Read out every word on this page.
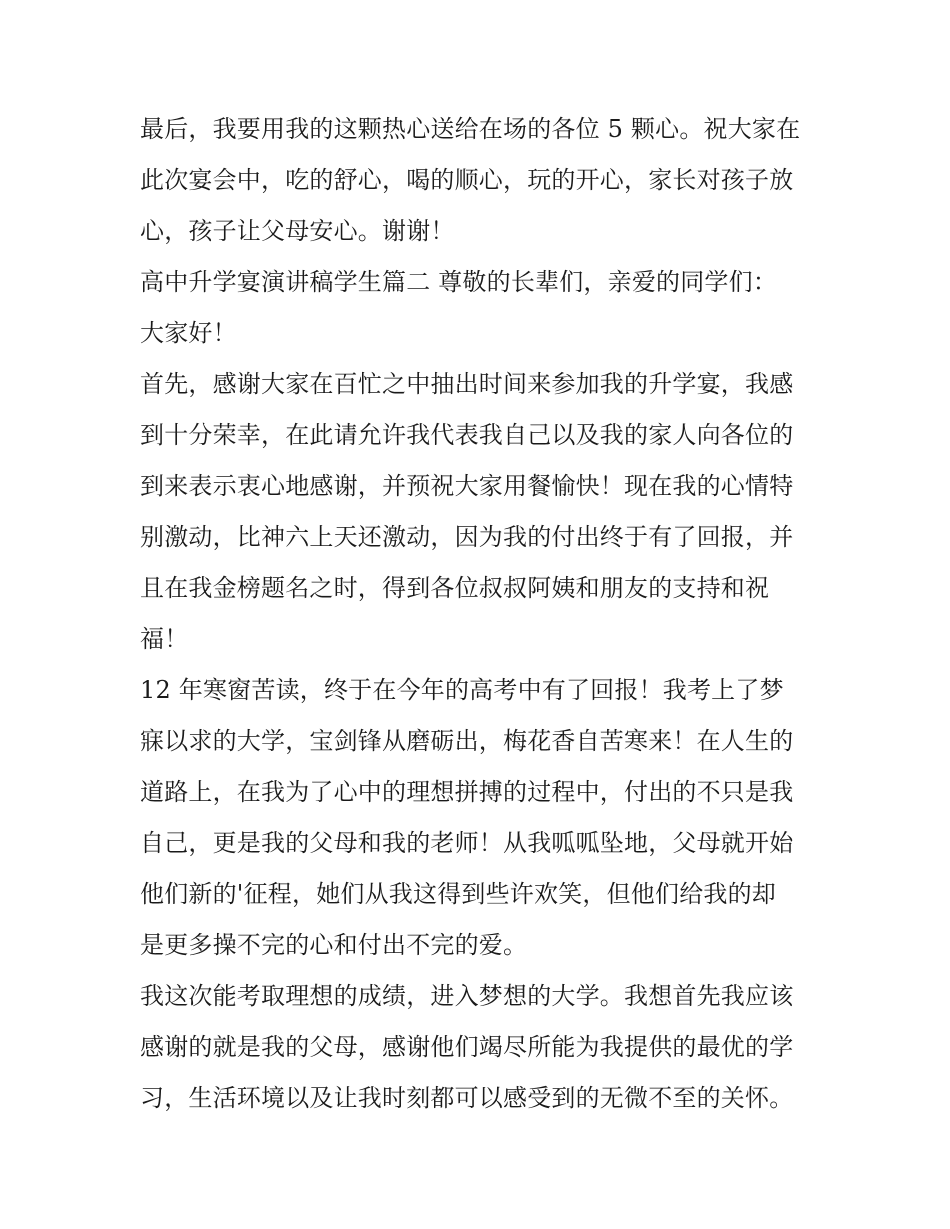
最后，我要用我的这颗热心送给在场的各位 5 颗心。祝大家在
此次宴会中，吃的舒心，喝的顺心，玩的开心，家长对孩子放
心，孩子让父母安心。谢谢！
高中升学宴演讲稿学生篇二 尊敬的长辈们，亲爱的同学们：
大家好！
首先，感谢大家在百忙之中抽出时间来参加我的升学宴，我感
到十分荣幸，在此请允许我代表我自己以及我的家人向各位的
到来表示衷心地感谢，并预祝大家用餐愉快！现在我的心情特
别激动，比神六上天还激动，因为我的付出终于有了回报，并
且在我金榜题名之时，得到各位叔叔阿姨和朋友的支持和祝
福！
12 年寒窗苦读，终于在今年的高考中有了回报！我考上了梦
寐以求的大学，宝剑锋从磨砺出，梅花香自苦寒来！在人生的
道路上，在我为了心中的理想拼搏的过程中，付出的不只是我
自己，更是我的父母和我的老师！从我呱呱坠地，父母就开始
他们新的'征程，她们从我这得到些许欢笑，但他们给我的却
是更多操不完的心和付出不完的爱。
我这次能考取理想的成绩，进入梦想的大学。我想首先我应该
感谢的就是我的父母，感谢他们竭尽所能为我提供的最优的学
习，生活环境以及让我时刻都可以感受到的无微不至的关怀。
